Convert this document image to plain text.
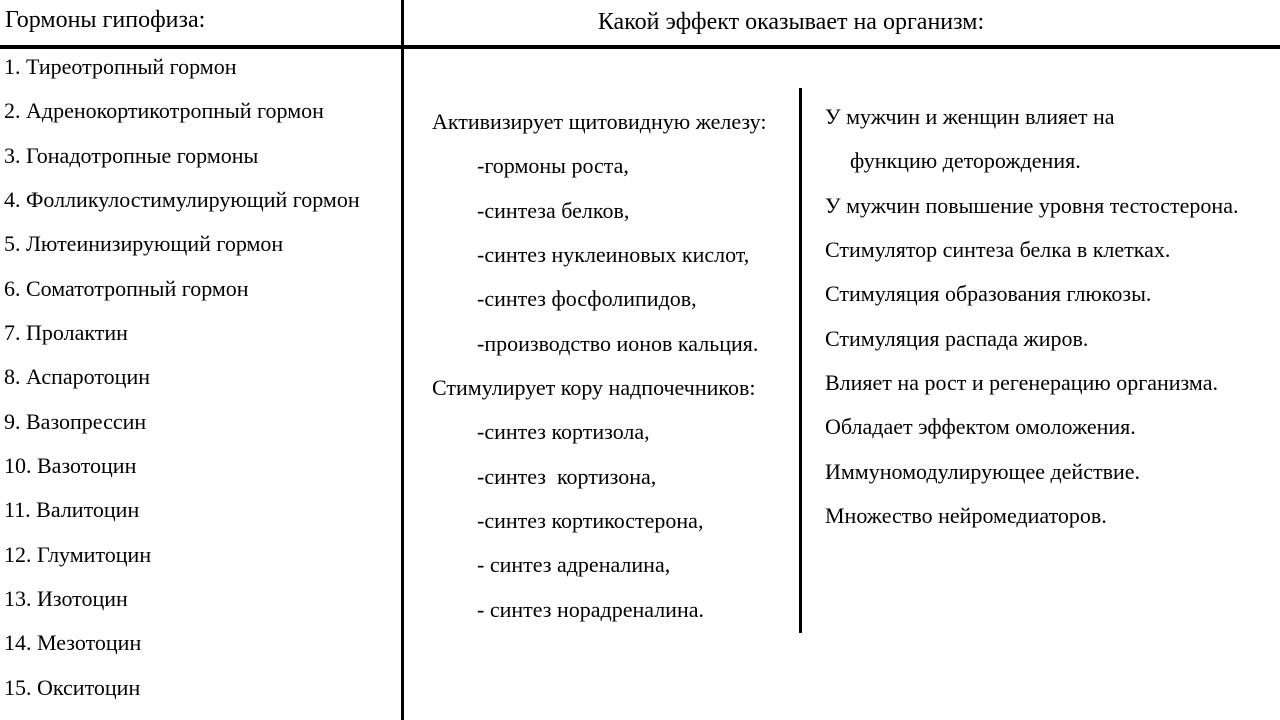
Гормоны гипофиза:	Какой эффект оказывает на организм:
1. Тиреотропный гормон
2. Адренокортикотропный гормон
3. Гонадотропные гормоны
4. Фолликулостимулирующий гормон
5. Лютеинизирующий гормон
6. Соматотропный гормон
7. Пролактин
8. Аспаротоцин
9. Вазопрессин
10. Вазотоцин
11. Валитоцин
12. Глумитоцин
13. Изотоцин
14. Мезотоцин
15. Окситоцин
Активизирует щитовидную железу:
-гормоны роста,
-синтеза белков,
-синтез нуклеиновых кислот,
-синтез фосфолипидов,
-производство ионов кальция.
Стимулирует кору надпочечников:
-синтез кортизола,
-синтез  кортизона,
-синтез кортикостерона,
- синтез адреналина,
- синтез норадреналина.
У мужчин и женщин влияет на
функцию деторождения.
У мужчин повышение уровня тестостерона.
Стимулятор синтеза белка в клетках.
Стимуляция образования глюкозы.
Стимуляция распада жиров.
Влияет на рост и регенерацию организма.
Обладает эффектом омоложения.
Иммуномодулирующее действие.
Множество нейромедиаторов.
